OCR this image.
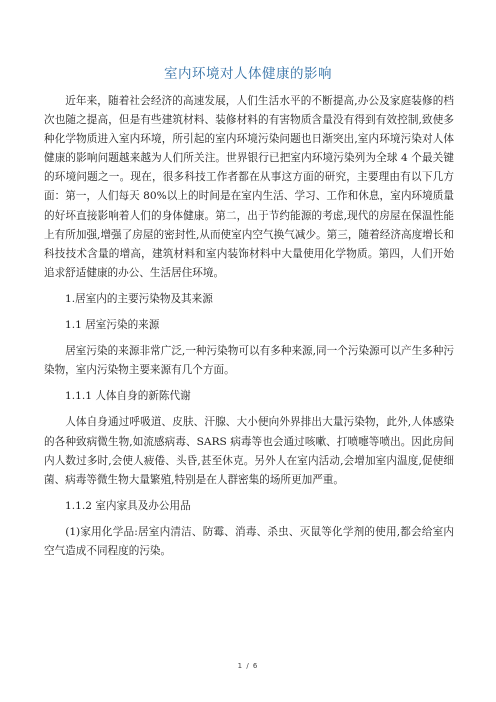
室内环境对人体健康的影响

近年来，随着社会经济的高速发展，人们生活水平的不断提高,办公及家庭装修的档次也随之提高，但是有些建筑材料、装修材料的有害物质含量没有得到有效控制,致使多种化学物质进入室内环境，所引起的室内环境污染问题也日渐突出,室内环境污染对人体健康的影响问题越来越为人们所关注。世界银行已把室内环境污染列为全球 4 个最关键的环境问题之一。现在，很多科技工作者都在从事这方面的研究，主要理由有以下几方面：第一，人们每天 80%以上的时间是在室内生活、学习、工作和休息，室内环境质量的好坏直接影响着人们的身体健康。第二，出于节约能源的考虑,现代的房屋在保温性能上有所加强,增强了房屋的密封性,从而使室内空气换气减少。第三，随着经济高度增长和科技技术含量的增高，建筑材料和室内装饰材料中大量使用化学物质。第四，人们开始追求舒适健康的办公、生活居住环境。

1.居室内的主要污染物及其来源

1.1 居室污染的来源

居室污染的来源非常广泛,一种污染物可以有多种来源,同一个污染源可以产生多种污染物，室内污染物主要来源有几个方面。

1.1.1 人体自身的新陈代谢

人体自身通过呼吸道、皮肤、汗腺、大小便向外界排出大量污染物，此外,人体感染的各种致病微生物,如流感病毒、SARS 病毒等也会通过咳嗽、打喷嚏等喷出。因此房间内人数过多时,会使人疲倦、头昏,甚至休克。另外人在室内活动,会增加室内温度,促使细菌、病毒等微生物大量繁殖,特别是在人群密集的场所更加严重。

1.1.2 室内家具及办公用品

(1)家用化学品:居室内清洁、防霉、消毒、杀虫、灭鼠等化学剂的使用,都会给室内空气造成不同程度的污染。

1 / 6
